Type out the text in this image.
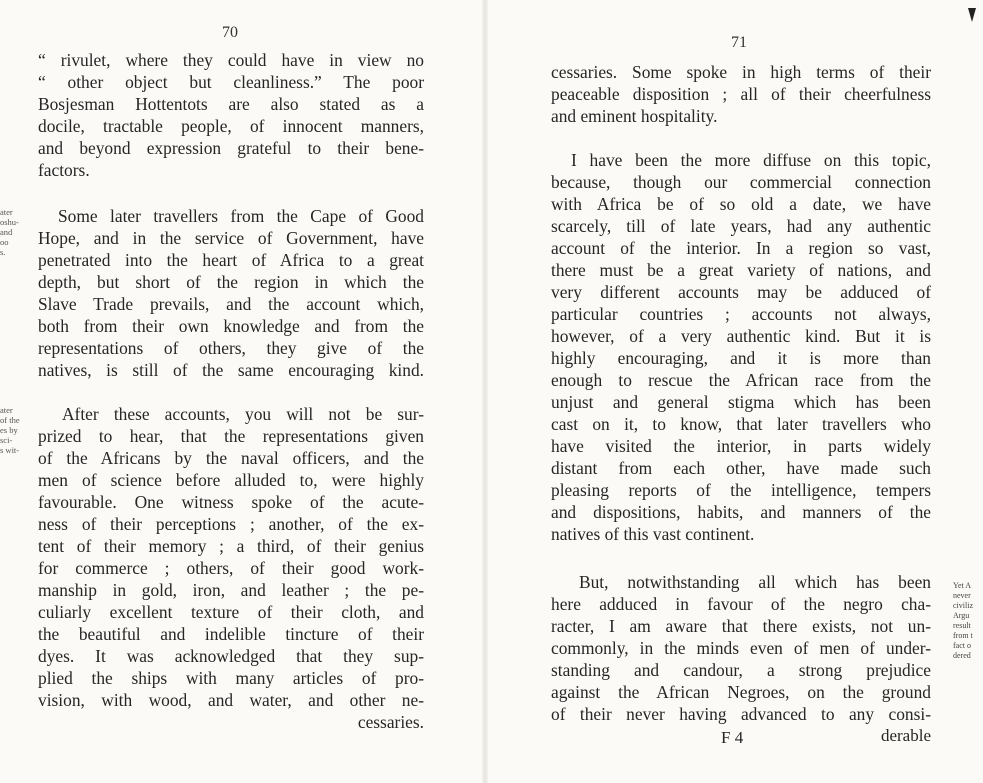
70
“ rivulet, where they could have in view no
“ other object but cleanliness.” The poor
Bosjesman Hottentots are also stated as a
docile, tractable people, of innocent manners,
and beyond expression grateful to their bene-
factors.
ater
oshu-
and
oo
s.
Some later travellers from the Cape of Good
Hope, and in the service of Government, have
penetrated into the heart of Africa to a great
depth, but short of the region in which the
Slave Trade prevails, and the account which,
both from their own knowledge and from the
representations of others, they give of the
natives, is still of the same encouraging kind.
ater
of the
es by
sci-
s wit-
After these accounts, you will not be sur-
prized to hear, that the representations given
of the Africans by the naval officers, and the
men of science before alluded to, were highly
favourable. One witness spoke of the acute-
ness of their perceptions ; another, of the ex-
tent of their memory ; a third, of their genius
for commerce ; others, of their good work-
manship in gold, iron, and leather ; the pe-
culiarly excellent texture of their cloth, and
the beautiful and indelible tincture of their
dyes. It was acknowledged that they sup-
plied the ships with many articles of pro-
vision, with wood, and water, and other ne-
cessaries.
71
cessaries. Some spoke in high terms of their
peaceable disposition ; all of their cheerfulness
and eminent hospitality.
I have been the more diffuse on this topic,
because, though our commercial connection
with Africa be of so old a date, we have
scarcely, till of late years, had any authentic
account of the interior. In a region so vast,
there must be a great variety of nations, and
very different accounts may be adduced of
particular countries ; accounts not always,
however, of a very authentic kind. But it is
highly encouraging, and it is more than
enough to rescue the African race from the
unjust and general stigma which has been
cast on it, to know, that later travellers who
have visited the interior, in parts widely
distant from each other, have made such
pleasing reports of the intelligence, tempers
and dispositions, habits, and manners of the
natives of this vast continent.
But, notwithstanding all which has been
here adduced in favour of the negro cha-
racter, I am aware that there exists, not un-
commonly, in the minds even of men of under-
standing and candour, a strong prejudice
against the African Negroes, on the ground
of their never having advanced to any consi-
Yet A
never
civiliz
Argu
result
from t
fact o
dered
F 4	derable
